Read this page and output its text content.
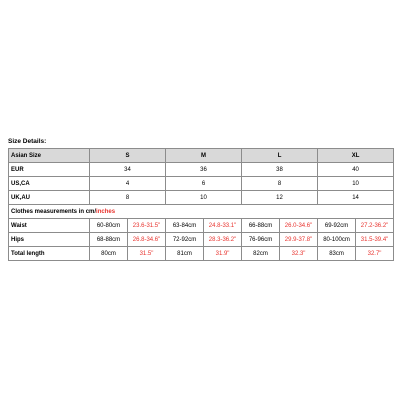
Size Details:
Asian Size	S		M		L		XL	
EUR	34		36		38		40	
US,CA	4		6		8		10	
UK,AU	8		10		12		14	
Clothes measurements in cm/inches								
Waist	60-80cm	23.6-31.5"	63-84cm	24.8-33.1"	66-88cm	26.0-34.6"	69-92cm	27.2-36.2"
Hips	68-88cm	26.8-34.6"	72-92cm	28.3-36.2"	76-96cm	29.9-37.8"	80-100cm	31.5-39.4"
Total length	80cm	31.5"	81cm	31.9"	82cm	32.3"	83cm	32.7"
